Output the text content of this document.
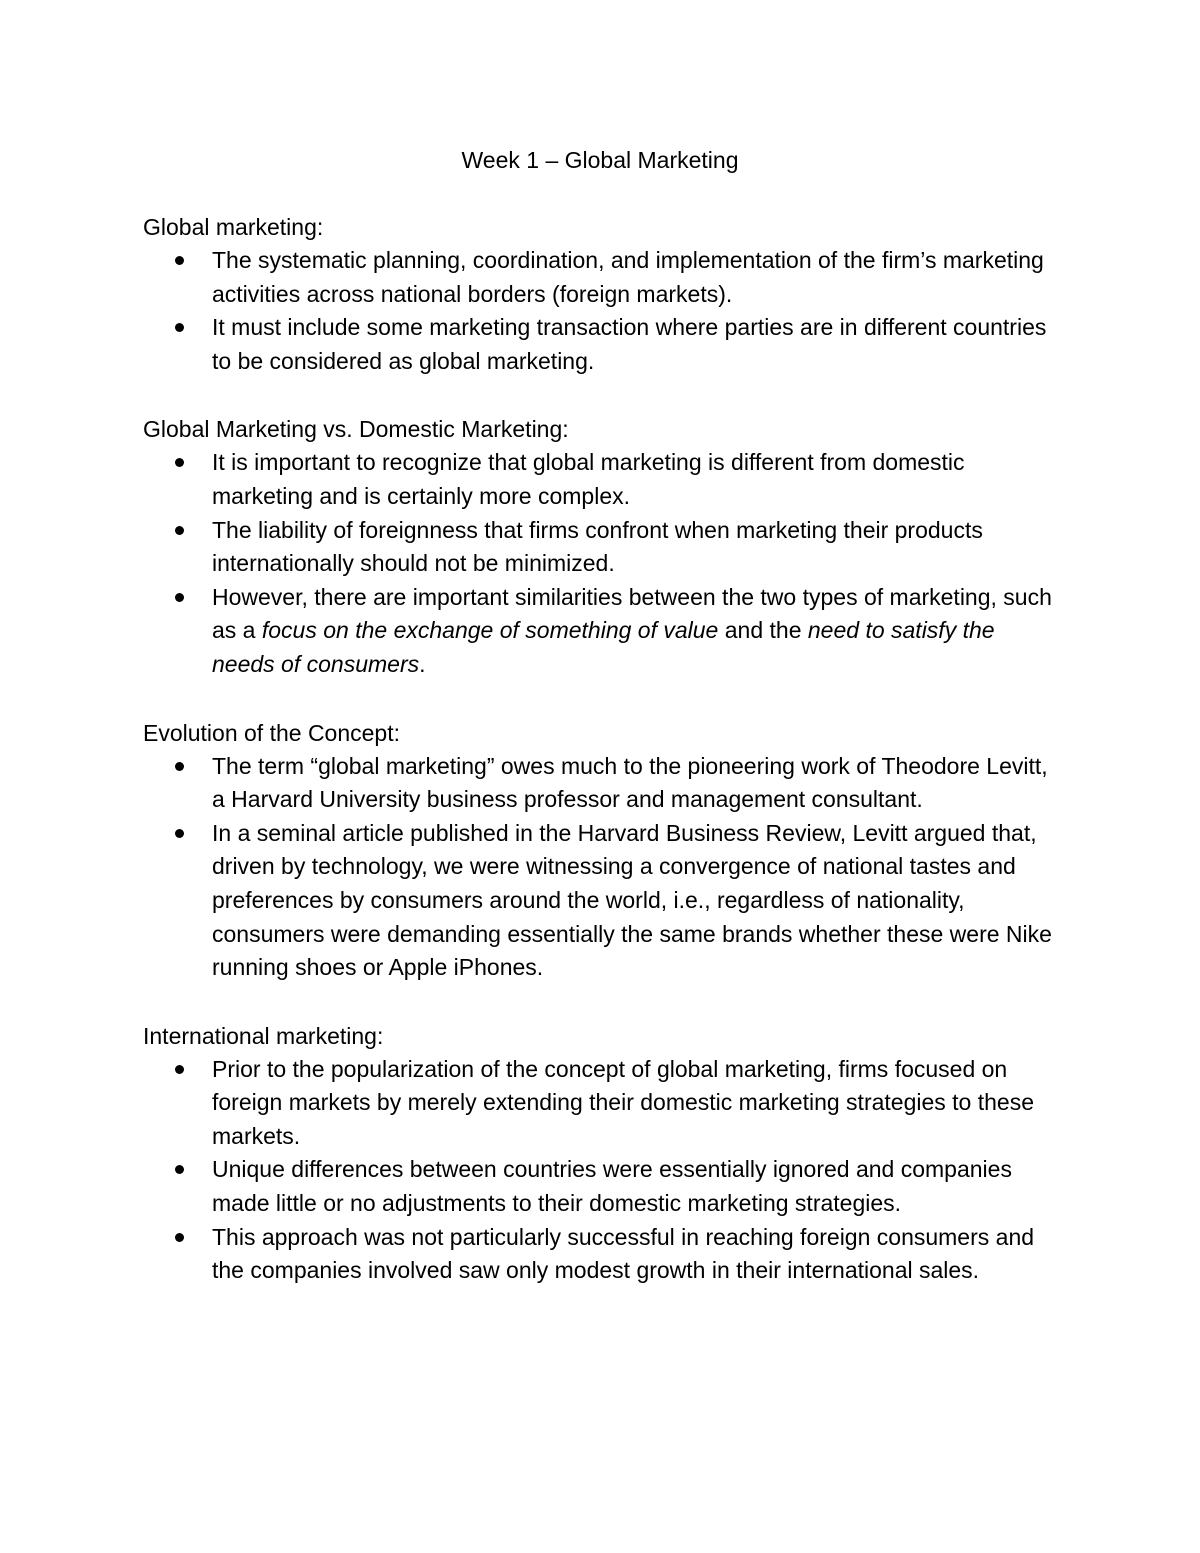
Week 1 – Global Marketing
Global marketing:
The systematic planning, coordination, and implementation of the firm’s marketing activities across national borders (foreign markets).
It must include some marketing transaction where parties are in different countries to be considered as global marketing.
Global Marketing vs. Domestic Marketing:
It is important to recognize that global marketing is different from domestic marketing and is certainly more complex.
The liability of foreignness that firms confront when marketing their products internationally should not be minimized.
However, there are important similarities between the two types of marketing, such as a focus on the exchange of something of value and the need to satisfy the needs of consumers.
Evolution of the Concept:
The term “global marketing” owes much to the pioneering work of Theodore Levitt, a Harvard University business professor and management consultant.
In a seminal article published in the Harvard Business Review, Levitt argued that, driven by technology, we were witnessing a convergence of national tastes and preferences by consumers around the world, i.e., regardless of nationality, consumers were demanding essentially the same brands whether these were Nike running shoes or Apple iPhones.
International marketing:
Prior to the popularization of the concept of global marketing, firms focused on foreign markets by merely extending their domestic marketing strategies to these markets.
Unique differences between countries were essentially ignored and companies made little or no adjustments to their domestic marketing strategies.
This approach was not particularly successful in reaching foreign consumers and the companies involved saw only modest growth in their international sales.
